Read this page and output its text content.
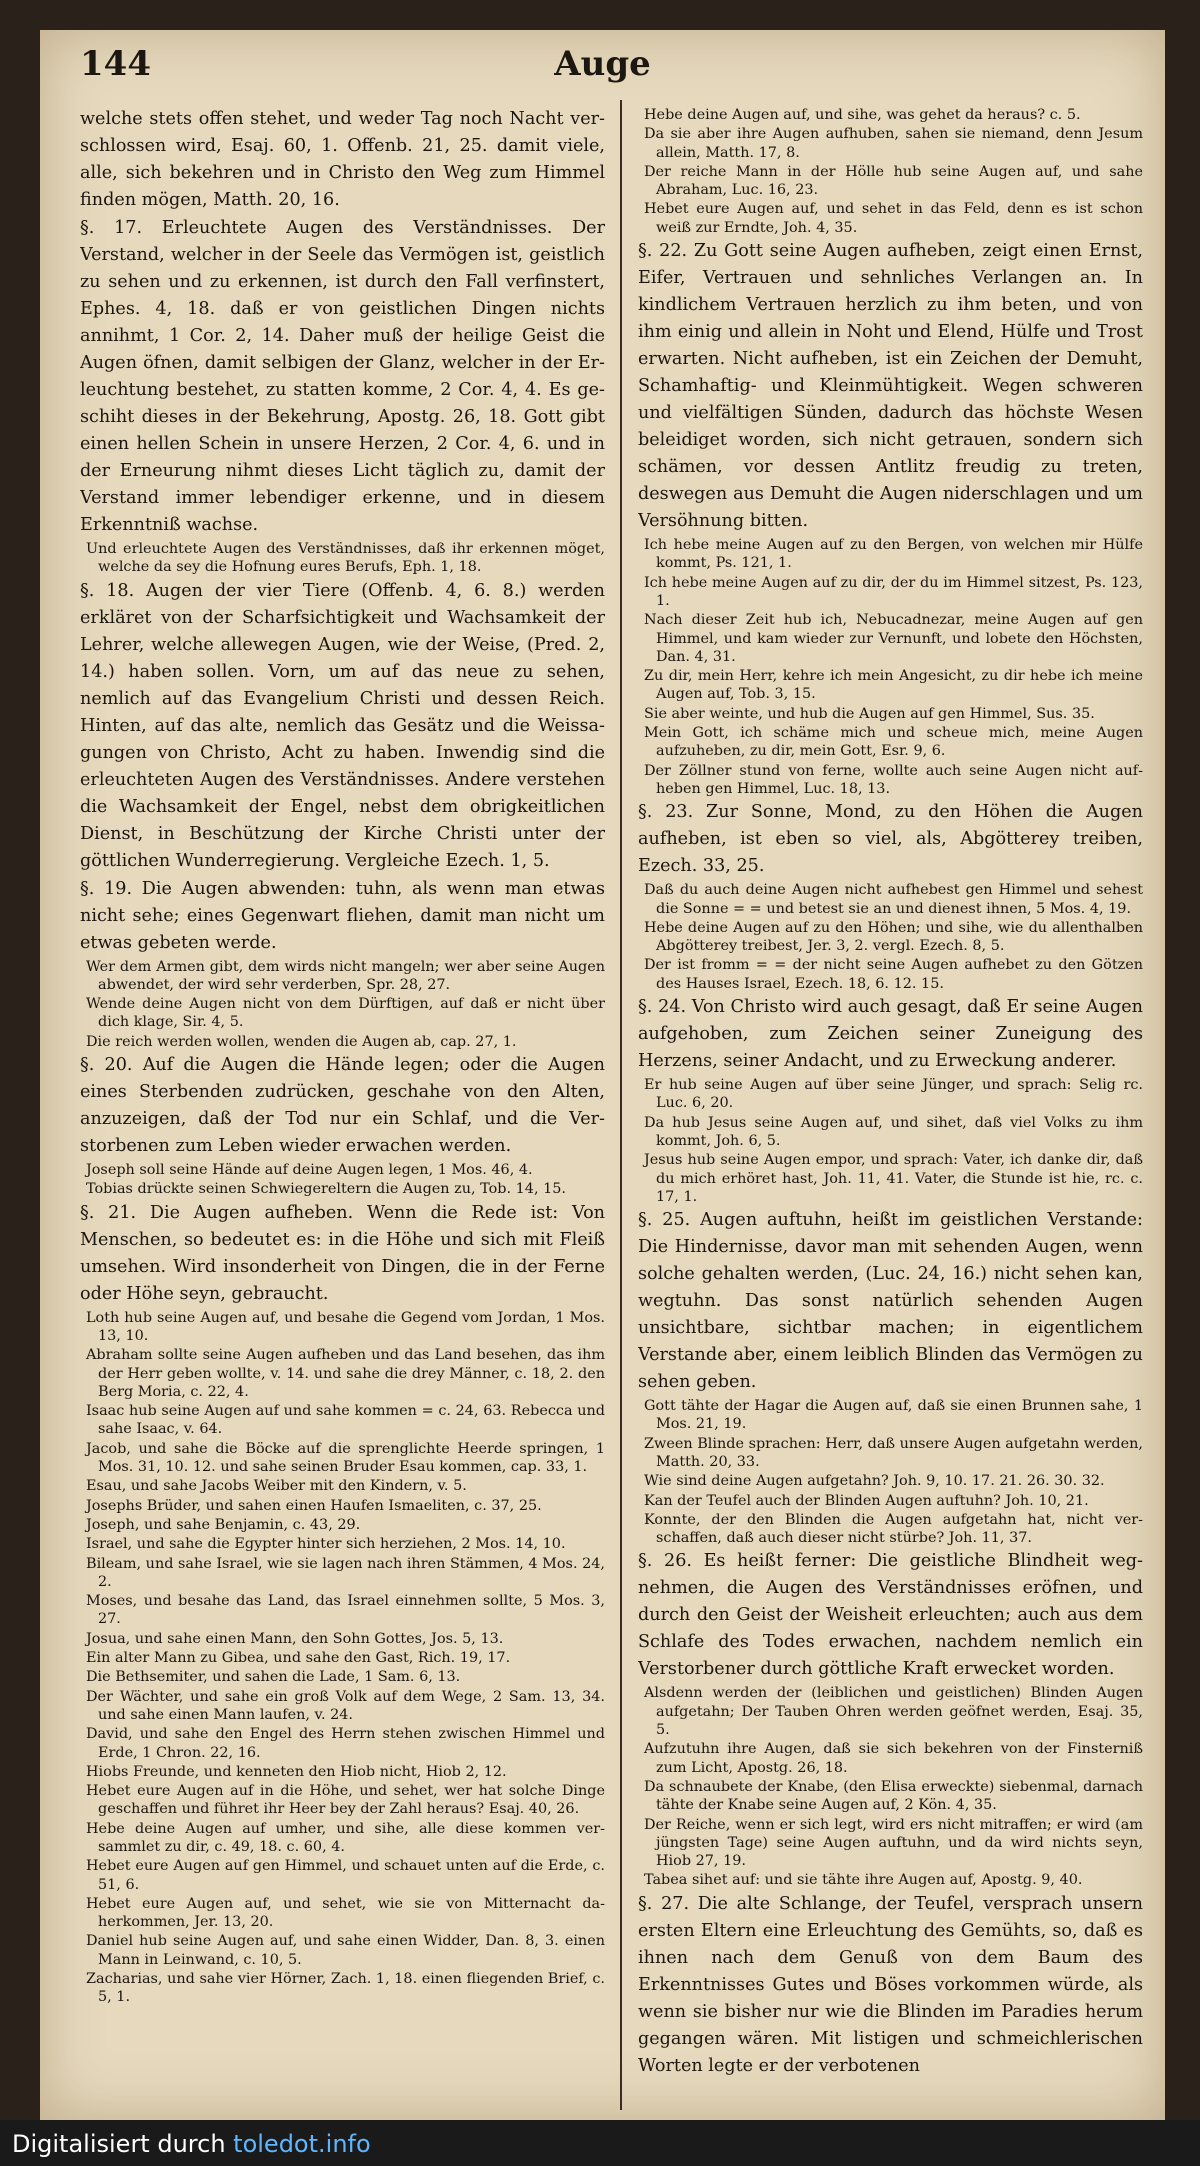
144	Auge
welche stets offen stehet, und weder Tag noch Nacht verschlossen wird, Esaj. 60, 1. Offenb. 21, 25. damit viele, alle, sich bekehren und in Christo den Weg zum Himmel finden mögen, Matth. 20, 16.
§. 17. Erleuchtete Augen des Verständnisses. Der Verstand, welcher in der Seele das Vermögen ist, geistlich zu sehen und zu erkennen, ist durch den Fall verfinstert, Ephes. 4, 18. daß er von geistlichen Dingen nichts annihmt, 1 Cor. 2, 14. Daher muß der heilige Geist die Augen öfnen, damit selbigen der Glanz, welcher in der Erleuchtung bestehet, zu statten komme, 2 Cor. 4, 4. Es geschiht dieses in der Bekehrung, Apostg. 26, 18. Gott gibt einen hellen Schein in unsere Herzen, 2 Cor. 4, 6. und in der Erneurung nihmt dieses Licht täglich zu, damit der Verstand immer lebendiger erkenne, und in diesem Erkenntniß wachse.
Und erleuchtete Augen des Verständnisses, daß ihr erkennen möget, welche da sey die Hofnung eures Berufs, Eph. 1, 18.
§. 18. Augen der vier Tiere (Offenb. 4, 6. 8.) werden erkläret von der Scharfsichtigkeit und Wachsamkeit der Lehrer, welche allewegen Augen, wie der Weise, (Pred. 2, 14.) haben sollen. Vorn, um auf das neue zu sehen, nemlich auf das Evangelium Christi und dessen Reich. Hinten, auf das alte, nemlich das Gesätz und die Weissagungen von Christo, Acht zu haben. Inwendig sind die erleuchteten Augen des Verständnisses. Andere verstehen die Wachsamkeit der Engel, nebst dem obrigkeitlichen Dienst, in Beschützung der Kirche Christi unter der göttlichen Wunderregierung. Vergleiche Ezech. 1, 5.
§. 19. Die Augen abwenden: tuhn, als wenn man etwas nicht sehe; eines Gegenwart fliehen, damit man nicht um etwas gebeten werde.
Wer dem Armen gibt, dem wirds nicht mangeln; wer aber seine Augen abwendet, der wird sehr verderben, Spr. 28, 27.
Wende deine Augen nicht von dem Dürftigen, auf daß er nicht über dich klage, Sir. 4, 5.
Die reich werden wollen, wenden die Augen ab, cap. 27, 1.
§. 20. Auf die Augen die Hände legen; oder die Augen eines Sterbenden zudrücken, geschahe von den Alten, anzuzeigen, daß der Tod nur ein Schlaf, und die Verstorbenen zum Leben wieder erwachen werden.
Joseph soll seine Hände auf deine Augen legen, 1 Mos. 46, 4.
Tobias drückte seinen Schwiegereltern die Augen zu, Tob. 14, 15.
§. 21. Die Augen aufheben. Wenn die Rede ist: Von Menschen, so bedeutet es: in die Höhe und sich mit Fleiß umsehen. Wird insonderheit von Dingen, die in der Ferne oder Höhe seyn, gebraucht.
Loth hub seine Augen auf, und besahe die Gegend vom Jordan, 1 Mos. 13, 10.
Abraham sollte seine Augen aufheben und das Land besehen, das ihm der Herr geben wollte, v. 14. und sahe die drey Männer, c. 18, 2. den Berg Moria, c. 22, 4.
Isaac hub seine Augen auf und sahe kommen = c. 24, 63. Rebecca und sahe Isaac, v. 64.
Jacob, und sahe die Böcke auf die sprenglichte Heerde springen, 1 Mos. 31, 10. 12. und sahe seinen Bruder Esau kommen, cap. 33, 1.
Esau, und sahe Jacobs Weiber mit den Kindern, v. 5.
Josephs Brüder, und sahen einen Haufen Ismaeliten, c. 37, 25.
Joseph, und sahe Benjamin, c. 43, 29.
Israel, und sahe die Egypter hinter sich herziehen, 2 Mos. 14, 10.
Bileam, und sahe Israel, wie sie lagen nach ihren Stämmen, 4 Mos. 24, 2.
Moses, und besahe das Land, das Israel einnehmen sollte, 5 Mos. 3, 27.
Josua, und sahe einen Mann, den Sohn Gottes, Jos. 5, 13.
Ein alter Mann zu Gibea, und sahe den Gast, Rich. 19, 17.
Die Bethsemiter, und sahen die Lade, 1 Sam. 6, 13.
Der Wächter, und sahe ein groß Volk auf dem Wege, 2 Sam. 13, 34. und sahe einen Mann laufen, v. 24.
David, und sahe den Engel des Herrn stehen zwischen Himmel und Erde, 1 Chron. 22, 16.
Hiobs Freunde, und kenneten den Hiob nicht, Hiob 2, 12.
Hebet eure Augen auf in die Höhe, und sehet, wer hat solche Dinge geschaffen und führet ihr Heer bey der Zahl heraus? Esaj. 40, 26.
Hebe deine Augen auf umher, und sihe, alle diese kommen versammlet zu dir, c. 49, 18. c. 60, 4.
Hebet eure Augen auf gen Himmel, und schauet unten auf die Erde, c. 51, 6.
Hebet eure Augen auf, und sehet, wie sie von Mitternacht daherkommen, Jer. 13, 20.
Daniel hub seine Augen auf, und sahe einen Widder, Dan. 8, 3. einen Mann in Leinwand, c. 10, 5.
Zacharias, und sahe vier Hörner, Zach. 1, 18. einen fliegenden Brief, c. 5, 1.
Hebe deine Augen auf, und sihe, was gehet da heraus? c. 5.
Da sie aber ihre Augen aufhuben, sahen sie niemand, denn Jesum allein, Matth. 17, 8.
Der reiche Mann in der Hölle hub seine Augen auf, und sahe Abraham, Luc. 16, 23.
Hebet eure Augen auf, und sehet in das Feld, denn es ist schon weiß zur Erndte, Joh. 4, 35.
§. 22. Zu Gott seine Augen aufheben, zeigt einen Ernst, Eifer, Vertrauen und sehnliches Verlangen an. In kindlichem Vertrauen herzlich zu ihm beten, und von ihm einig und allein in Noht und Elend, Hülfe und Trost erwarten. Nicht aufheben, ist ein Zeichen der Demuht, Schamhaftig- und Kleinmühtigkeit. Wegen schweren und vielfältigen Sünden, dadurch das höchste Wesen beleidiget worden, sich nicht getrauen, sondern sich schämen, vor dessen Antlitz freudig zu treten, deswegen aus Demuht die Augen niderschlagen und um Versöhnung bitten.
Ich hebe meine Augen auf zu den Bergen, von welchen mir Hülfe kommt, Ps. 121, 1.
Ich hebe meine Augen auf zu dir, der du im Himmel sitzest, Ps. 123, 1.
Nach dieser Zeit hub ich, Nebucadnezar, meine Augen auf gen Himmel, und kam wieder zur Vernunft, und lobete den Höchsten, Dan. 4, 31.
Zu dir, mein Herr, kehre ich mein Angesicht, zu dir hebe ich meine Augen auf, Tob. 3, 15.
Sie aber weinte, und hub die Augen auf gen Himmel, Sus. 35.
Mein Gott, ich schäme mich und scheue mich, meine Augen aufzuheben, zu dir, mein Gott, Esr. 9, 6.
Der Zöllner stund von ferne, wollte auch seine Augen nicht aufheben gen Himmel, Luc. 18, 13.
§. 23. Zur Sonne, Mond, zu den Höhen die Augen aufheben, ist eben so viel, als, Abgötterey treiben, Ezech. 33, 25.
Daß du auch deine Augen nicht aufhebest gen Himmel und sehest die Sonne = = und betest sie an und dienest ihnen, 5 Mos. 4, 19.
Hebe deine Augen auf zu den Höhen; und sihe, wie du allenthalben Abgötterey treibest, Jer. 3, 2. vergl. Ezech. 8, 5.
Der ist fromm = = der nicht seine Augen aufhebet zu den Götzen des Hauses Israel, Ezech. 18, 6. 12. 15.
§. 24. Von Christo wird auch gesagt, daß Er seine Augen aufgehoben, zum Zeichen seiner Zuneigung des Herzens, seiner Andacht, und zu Erweckung anderer.
Er hub seine Augen auf über seine Jünger, und sprach: Selig rc. Luc. 6, 20.
Da hub Jesus seine Augen auf, und sihet, daß viel Volks zu ihm kommt, Joh. 6, 5.
Jesus hub seine Augen empor, und sprach: Vater, ich danke dir, daß du mich erhöret hast, Joh. 11, 41. Vater, die Stunde ist hie, rc. c. 17, 1.
§. 25. Augen auftuhn, heißt im geistlichen Verstande: Die Hindernisse, davor man mit sehenden Augen, wenn solche gehalten werden, (Luc. 24, 16.) nicht sehen kan, wegtuhn. Das sonst natürlich sehenden Augen unsichtbare, sichtbar machen; in eigentlichem Verstande aber, einem leiblich Blinden das Vermögen zu sehen geben.
Gott tähte der Hagar die Augen auf, daß sie einen Brunnen sahe, 1 Mos. 21, 19.
Zween Blinde sprachen: Herr, daß unsere Augen aufgetahn werden, Matth. 20, 33.
Wie sind deine Augen aufgetahn? Joh. 9, 10. 17. 21. 26. 30. 32.
Kan der Teufel auch der Blinden Augen auftuhn? Joh. 10, 21.
Konnte, der den Blinden die Augen aufgetahn hat, nicht verschaffen, daß auch dieser nicht stürbe? Joh. 11, 37.
§. 26. Es heißt ferner: Die geistliche Blindheit wegnehmen, die Augen des Verständnisses eröfnen, und durch den Geist der Weisheit erleuchten; auch aus dem Schlafe des Todes erwachen, nachdem nemlich ein Verstorbener durch göttliche Kraft erwecket worden.
Alsdenn werden der (leiblichen und geistlichen) Blinden Augen aufgetahn; Der Tauben Ohren werden geöfnet werden, Esaj. 35, 5.
Aufzutuhn ihre Augen, daß sie sich bekehren von der Finsterniß zum Licht, Apostg. 26, 18.
Da schnaubete der Knabe, (den Elisa erweckte) siebenmal, darnach tähte der Knabe seine Augen auf, 2 Kön. 4, 35.
Der Reiche, wenn er sich legt, wird ers nicht mitraffen; er wird (am jüngsten Tage) seine Augen auftuhn, und da wird nichts seyn, Hiob 27, 19.
Tabea sihet auf: und sie tähte ihre Augen auf, Apostg. 9, 40.
§. 27. Die alte Schlange, der Teufel, versprach unsern ersten Eltern eine Erleuchtung des Gemühts, so, daß es ihnen nach dem Genuß von dem Baum des Erkenntnisses Gutes und Böses vorkommen würde, als wenn sie bisher nur wie die Blinden im Paradies herum gegangen wären. Mit listigen und schmeichlerischen Worten legte er der verbotenen
Digitalisiert durch toledot.info
